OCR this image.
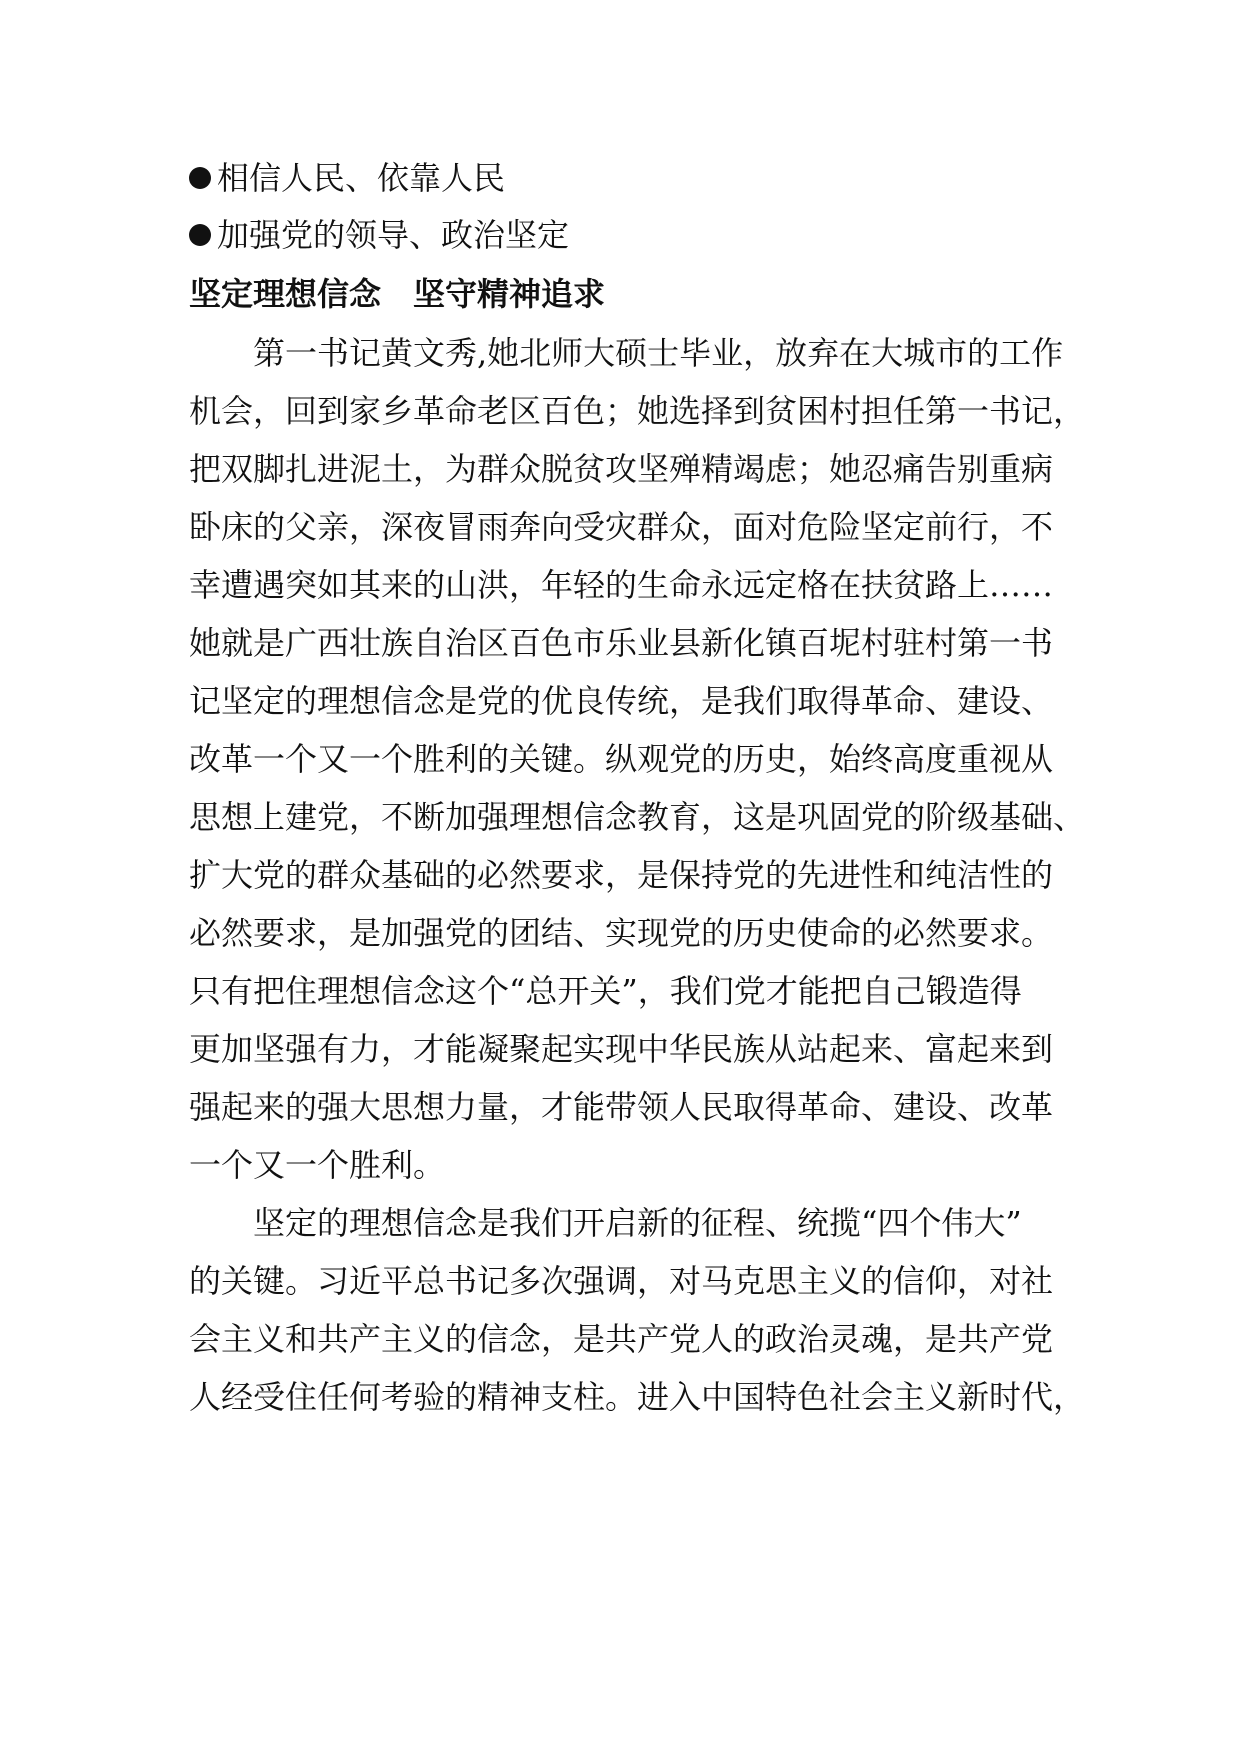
相信人民、依靠人民
加强党的领导、政治坚定
坚定理想信念　坚守精神追求
　　第一书记黄文秀,她北师大硕士毕业，放弃在大城市的工作
机会，回到家乡革命老区百色；她选择到贫困村担任第一书记，
把双脚扎进泥土，为群众脱贫攻坚殚精竭虑；她忍痛告别重病
卧床的父亲，深夜冒雨奔向受灾群众，面对危险坚定前行，不
幸遭遇突如其来的山洪，年轻的生命永远定格在扶贫路上……
她就是广西壮族自治区百色市乐业县新化镇百坭村驻村第一书
记坚定的理想信念是党的优良传统，是我们取得革命、建设、
改革一个又一个胜利的关键。纵观党的历史，始终高度重视从
思想上建党，不断加强理想信念教育，这是巩固党的阶级基础、
扩大党的群众基础的必然要求，是保持党的先进性和纯洁性的
必然要求，是加强党的团结、实现党的历史使命的必然要求。
只有把住理想信念这个“总开关”，我们党才能把自己锻造得
更加坚强有力，才能凝聚起实现中华民族从站起来、富起来到
强起来的强大思想力量，才能带领人民取得革命、建设、改革
一个又一个胜利。
　　坚定的理想信念是我们开启新的征程、统揽“四个伟大”
的关键。习近平总书记多次强调，对马克思主义的信仰，对社
会主义和共产主义的信念，是共产党人的政治灵魂，是共产党
人经受住任何考验的精神支柱。进入中国特色社会主义新时代，
